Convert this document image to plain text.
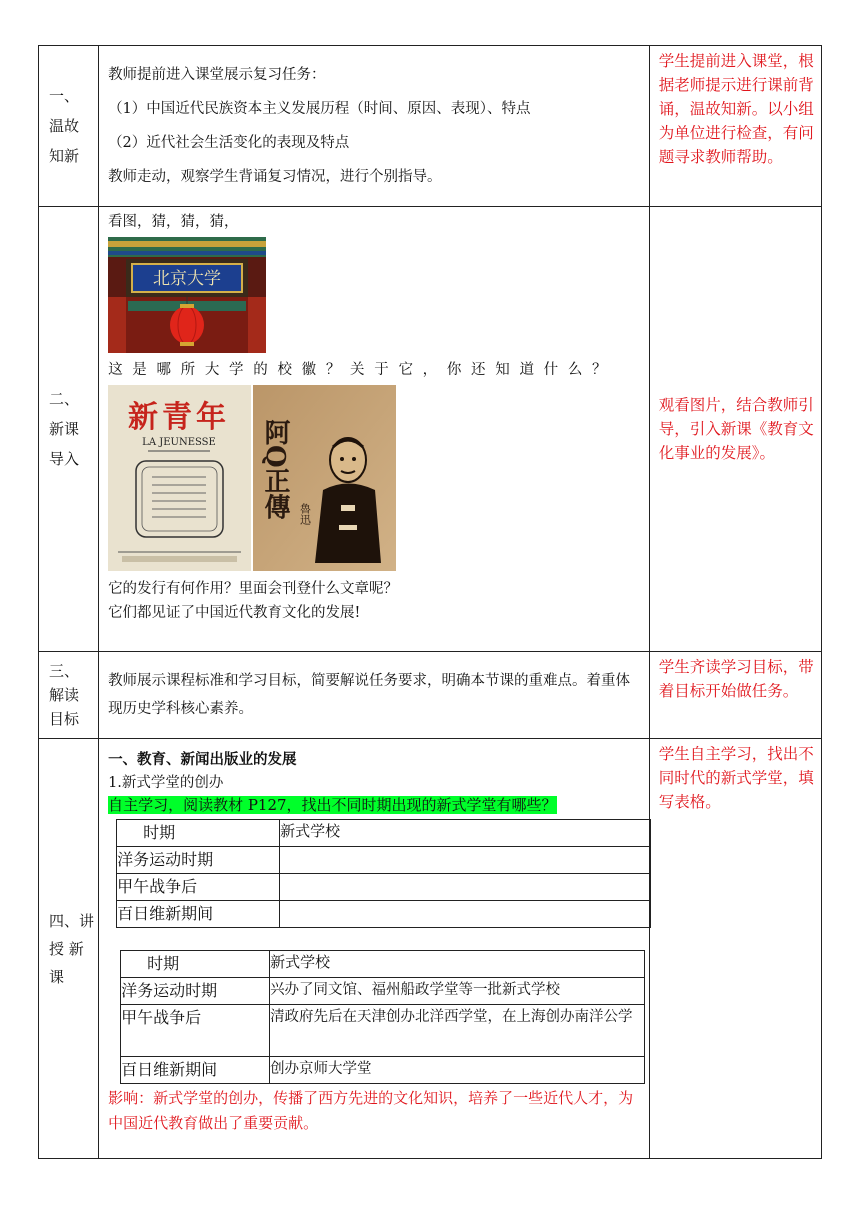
一、
温故
知新

教师提前进入课堂展示复习任务：
（1）中国近代民族资本主义发展历程（时间、原因、表现）、特点
（2）近代社会生活变化的表现及特点
教师走动，观察学生背诵复习情况，进行个别指导。
	学生提前进入课堂，根据老师提示进行课前背诵，温故知新。以小组为单位进行检查，有问题寻求教师帮助。

二、
新课
导入

看图，猜，猜，猜，
北京大学
这是哪所大学的校徽？关于它，你还知道什么？
新青年
LA JEUNESSE 阿Q正傳 魯迅
它的发行有何作用？里面会刊登什么文章呢？
它们都见证了中国近代教育文化的发展!
	观看图片，结合教师引导，引入新课《教育文化事业的发展》。

三、
解读
目标
	教师展示课程标准和学习目标，简要解说任务要求，明确本节课的重难点。着重体现历史学科核心素养。	学生齐读学习目标，带着目标开始做任务。

四、讲
授 新
课

一、教育、新闻出版业的发展
1.新式学堂的创办
自主学习，阅读教材 P127，找出不同时期出现的新式学堂有哪些？
时期	新式学校
洋务运动时期	
甲午战争后	
百日维新期间	
时期	新式学校
洋务运动时期	兴办了同文馆、福州船政学堂等一批新式学校
甲午战争后	清政府先后在天津创办北洋西学堂，在上海创办南洋公学
百日维新期间	创办京师大学堂
影响：新式学堂的创办，传播了西方先进的文化知识，培养了一些近代人才，为中国近代教育做出了重要贡献。
	学生自主学习，找出不同时代的新式学堂，填写表格。
